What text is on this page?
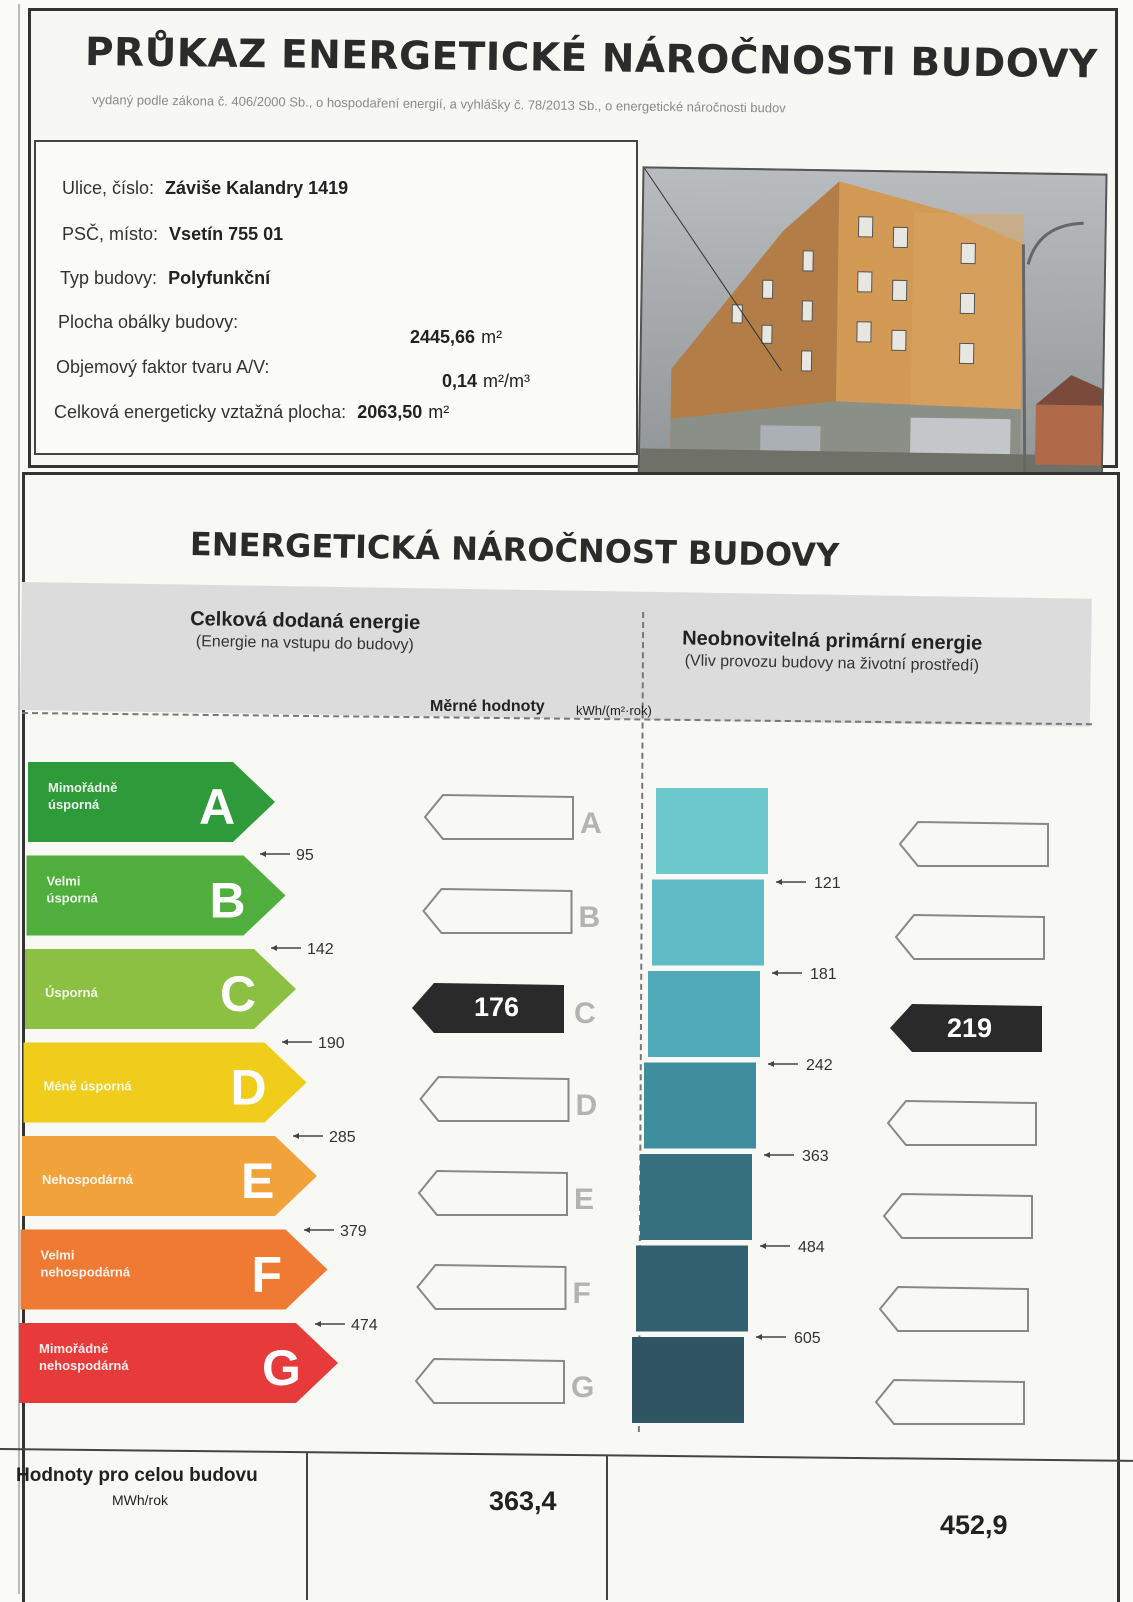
PRŮKAZ ENERGETICKÉ NÁROČNOSTI BUDOVY
vydaný podle zákona č. 406/2000 Sb., o hospodaření energií, a vyhlášky č. 78/2013 Sb., o energetické náročnosti budov
Ulice, číslo: Záviše Kalandry 1419
PSČ, místo: Vsetín 755 01
Typ budovy: Polyfunkční
Plocha obálky budovy:
2445,66 m²
Objemový faktor tvaru A/V:
0,14 m²/m³
Celková energeticky vztažná plocha: 2063,50 m²
ENERGETICKÁ NÁROČNOST BUDOVY
Celková dodaná energie
(Energie na vstupu do budovy)	Neobnovitelná primární energie
(Vliv provozu budovy na životní prostředí)
Měrné hodnoty kWh/(m²·rok)
Mimořádně
úsporná A
Velmi
úsporná B
Úsporná C
Méně úsporná D
Nehospodárná E
Velmi
nehospodárná F
Mimořádně
nehospodárná	G
95
142
190
285
379
474
A
B
D
E
F
G
176 C
121
181
242
363
484
605
219
Hodnoty pro celou budovu
MWh/rok	363,4
452,9
